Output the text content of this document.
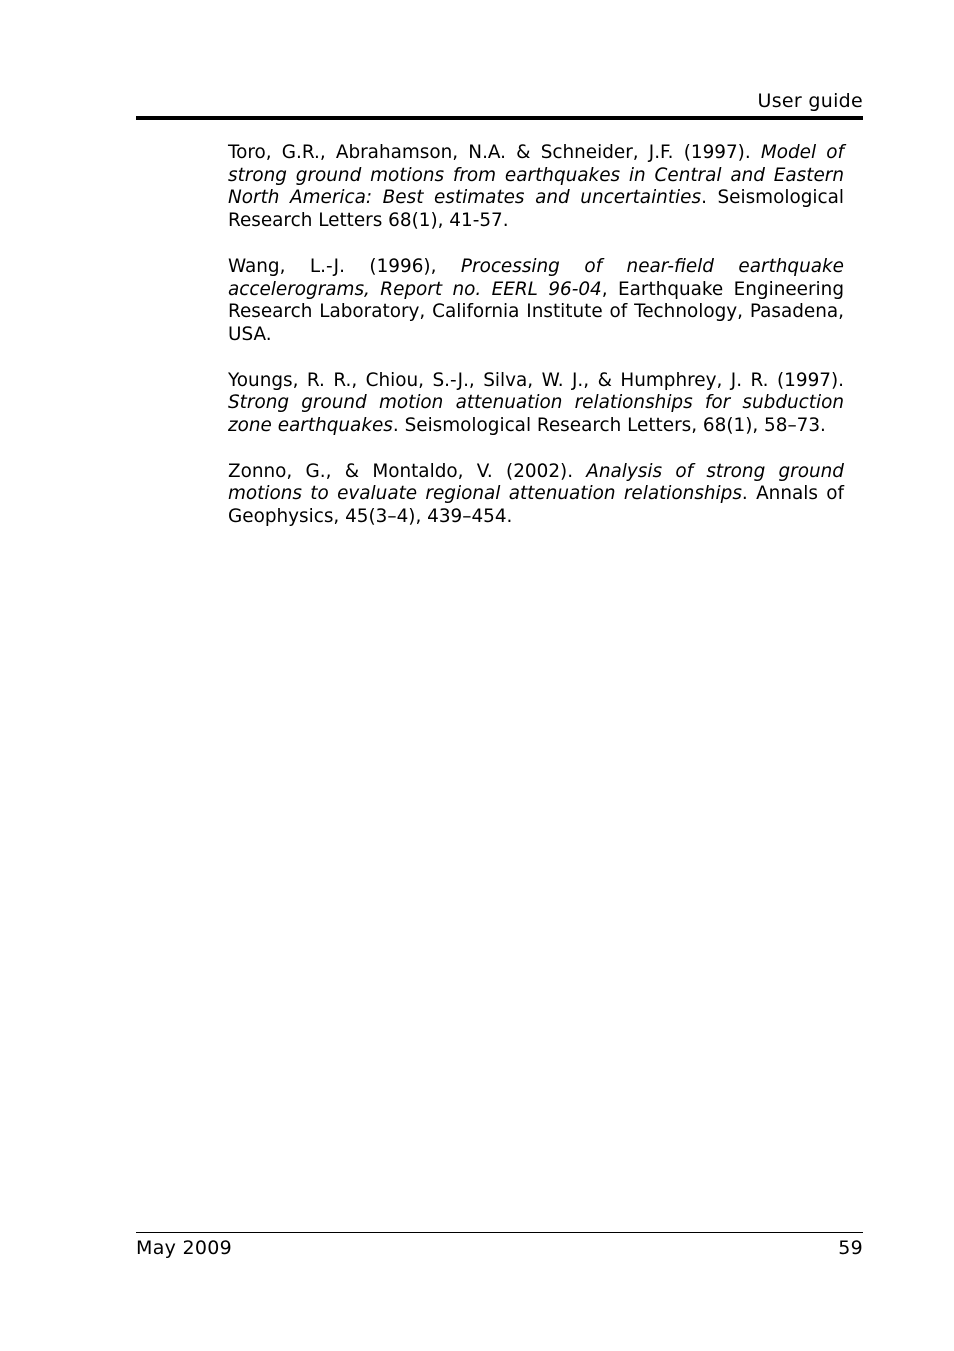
User guide

Toro, G.R., Abrahamson, N.A. & Schneider, J.F. (1997). Model of strong ground motions from earthquakes in Central and Eastern North America: Best estimates and uncertainties. Seismological Research Letters 68(1), 41-57.

Wang, L.-J. (1996), Processing of near-field earthquake accelerograms, Report no. EERL 96-04, Earthquake Engineering Research Laboratory, California Institute of Technology, Pasadena, USA.

Youngs, R. R., Chiou, S.-J., Silva, W. J., & Humphrey, J. R. (1997). Strong ground motion attenuation relationships for subduction zone earthquakes. Seismological Research Letters, 68(1), 58–73.

Zonno, G., & Montaldo, V. (2002). Analysis of strong ground motions to evaluate regional attenuation relationships. Annals of Geophysics, 45(3–4), 439–454.

May 2009	59
